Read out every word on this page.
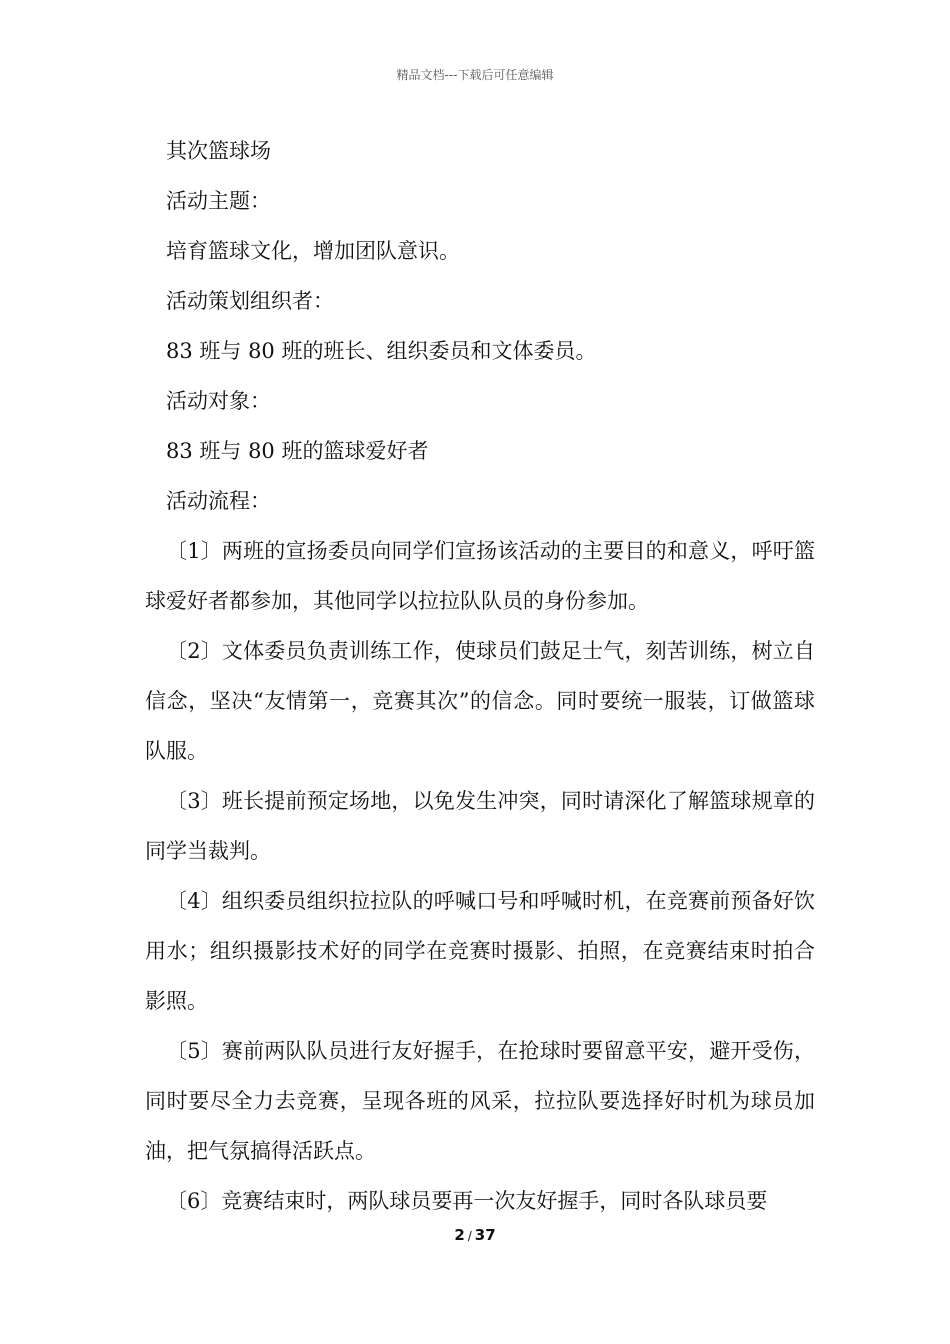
精品文档---下载后可任意编辑

其次篮球场

活动主题：

培育篮球文化，增加团队意识。

活动策划组织者：

83 班与 80 班的班长、组织委员和文体委员。

活动对象：

83 班与 80 班的篮球爱好者

活动流程：

〔1〕两班的宣扬委员向同学们宣扬该活动的主要目的和意义，呼吁篮球爱好者都参加，其他同学以拉拉队队员的身份参加。

〔2〕文体委员负责训练工作，使球员们鼓足士气，刻苦训练，树立自信念，坚决“友情第一，竞赛其次”的信念。同时要统一服装，订做篮球队服。

〔3〕班长提前预定场地，以免发生冲突，同时请深化了解篮球规章的同学当裁判。

〔4〕组织委员组织拉拉队的呼喊口号和呼喊时机，在竞赛前预备好饮用水；组织摄影技术好的同学在竞赛时摄影、拍照，在竞赛结束时拍合影照。

〔5〕赛前两队队员进行友好握手，在抢球时要留意平安，避开受伤，同时要尽全力去竞赛，呈现各班的风采，拉拉队要选择好时机为球员加油，把气氛搞得活跃点。

〔6〕竞赛结束时，两队球员要再一次友好握手，同时各队球员要

2 / 37
